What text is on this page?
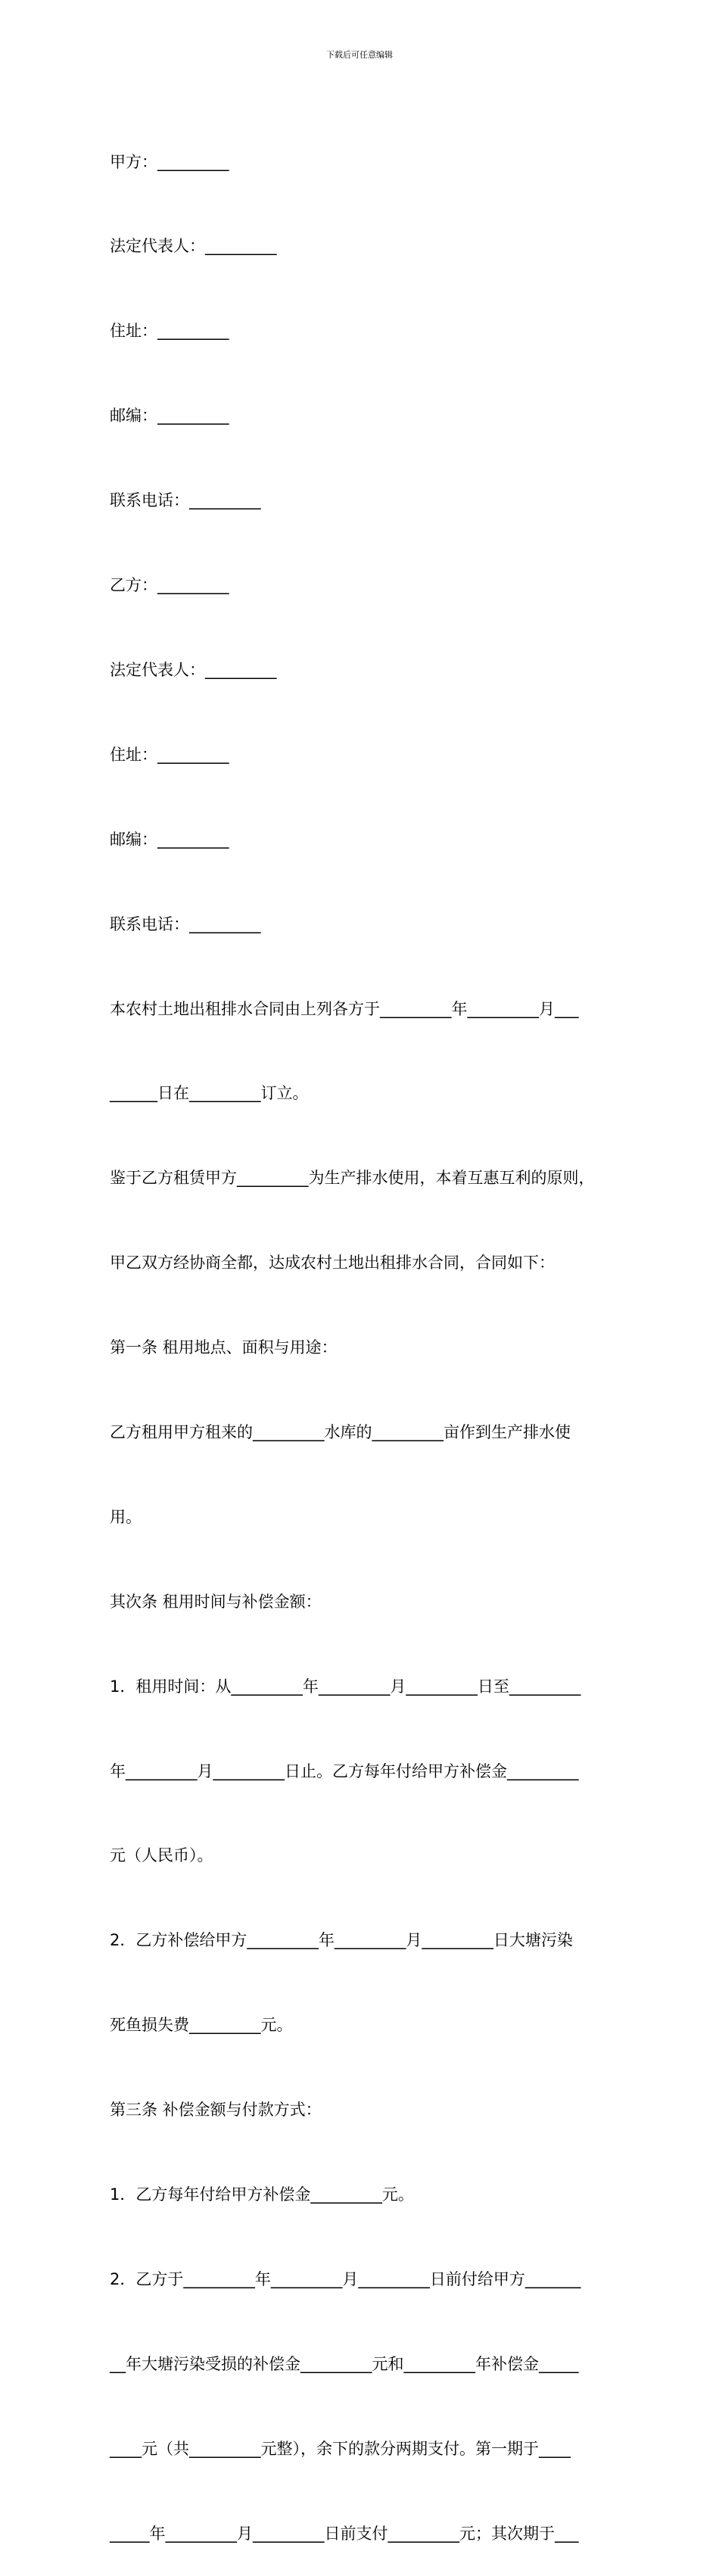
下载后可任意编辑

甲方：_________

法定代表人：_________

住址：_________

邮编：_________

联系电话：_________

乙方：_________

法定代表人：_________

住址：_________

邮编：_________

联系电话：_________

本农村土地出租排水合同由上列各方于_________年_________月___

______日在_________订立。

鉴于乙方租赁甲方_________为生产排水使用，本着互惠互利的原则，

甲乙双方经协商全都，达成农村土地出租排水合同，合同如下：

第一条 租用地点、面积与用途：

乙方租用甲方租来的_________水库的_________亩作到生产排水使

用。

其次条 租用时间与补偿金额：

1．租用时间：从_________年_________月_________日至_________

年_________月_________日止。乙方每年付给甲方补偿金_________

元（人民币）。

2．乙方补偿给甲方_________年_________月_________日大塘污染

死鱼损失费_________元。

第三条 补偿金额与付款方式：

1．乙方每年付给甲方补偿金_________元。

2．乙方于_________年_________月_________日前付给甲方_______

__年大塘污染受损的补偿金_________元和_________年补偿金_____

____元（共_________元整），余下的款分两期支付。第一期于____

_____年_________月_________日前支付_________元；其次期于___
